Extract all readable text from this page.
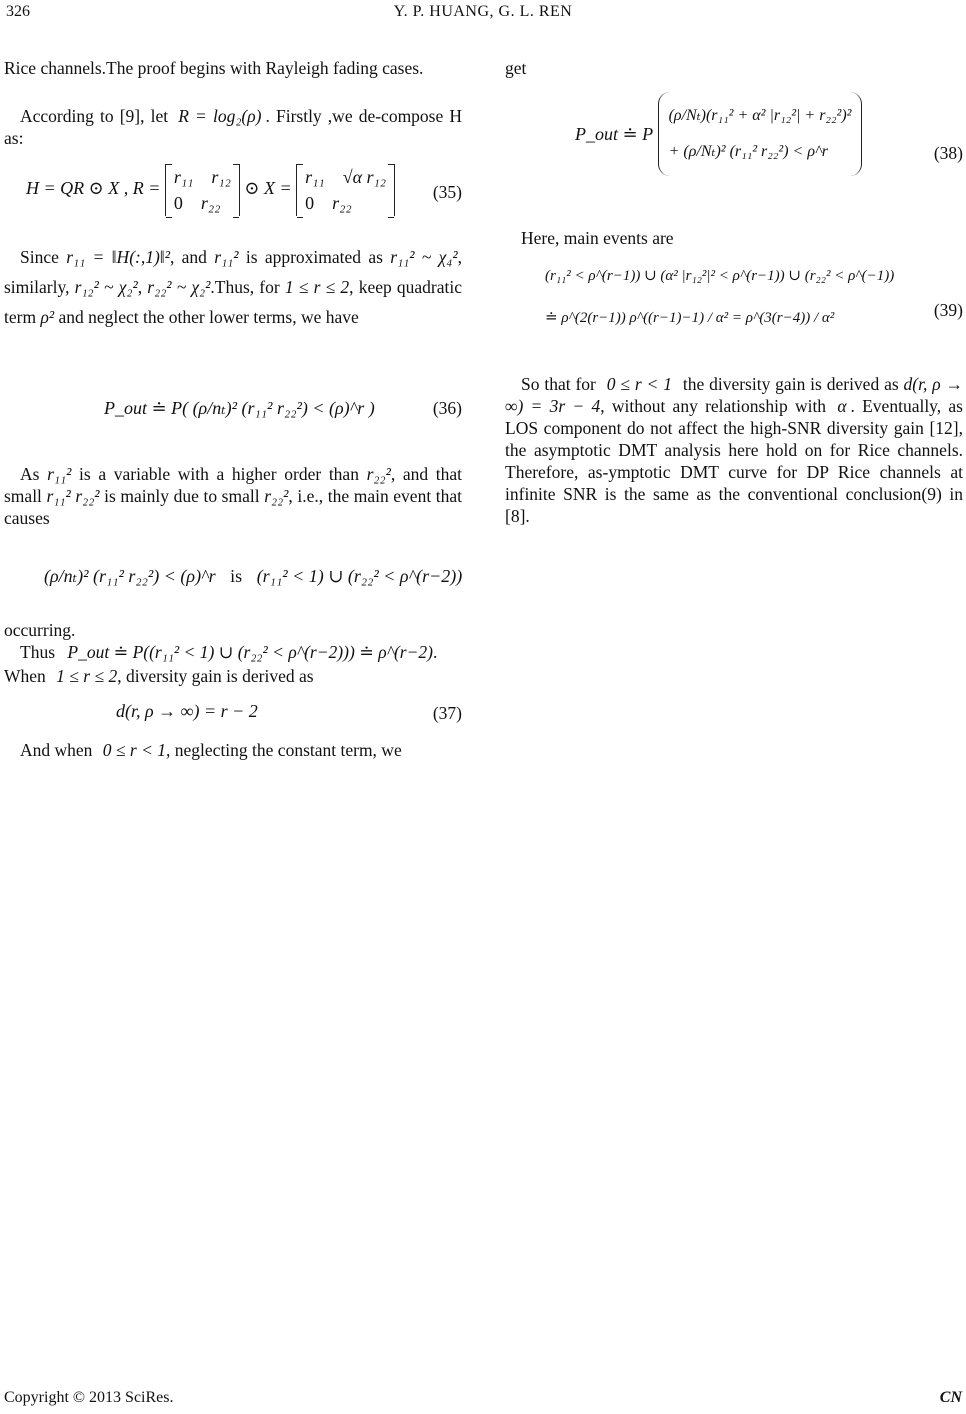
326	Y. P. HUANG, G. L. REN

Rice channels.The proof begins with Rayleigh fading cases.

According to [9], let R = log₂(ρ) . Firstly ,we de-compose H as:

H = QR ⊙ X , R =
r₁₁ r₁₂
0 r₂₂
⊙ X =
r₁₁ √α r₁₂
0 r₂₂
(35)

Since r₁₁ = ‖H(:,1)‖², and r₁₁² is approximated as r₁₁² ~ χ₄², similarly, r₁₂² ~ χ₂², r₂₂² ~ χ₂².Thus, for 1 ≤ r ≤ 2, keep quadratic term ρ² and neglect the other lower terms, we have

P_out ≐ P( (ρ/nₜ)² (r₁₁² r₂₂²) < (ρ)^r )	(36)

As r₁₁² is a variable with a higher order than r₂₂², and that small r₁₁² r₂₂² is mainly due to small r₂₂², i.e., the main event that causes

(ρ/nₜ)² (r₁₁² r₂₂²) < (ρ)^r is (r₁₁² < 1) ∪ (r₂₂² < ρ^(r−2))

occurring.

Thus P_out ≐ P((r₁₁² < 1) ∪ (r₂₂² < ρ^(r−2))) ≐ ρ^(r−2).

When 1 ≤ r ≤ 2, diversity gain is derived as

d(r, ρ → ∞) = r − 2	(37)

And when 0 ≤ r < 1, neglecting the constant term, we

get

P_out ≐ P
(ρ/Nₜ)(r₁₁² + α² |r₁₂²| + r₂₂²)²
+ (ρ/Nₜ)² (r₁₁² r₂₂²) < ρ^r	(38)

Here, main events are

(r₁₁² < ρ^(r−1)) ∪ (α² |r₁₂²|² < ρ^(r−1)) ∪ (r₂₂² < ρ^(−1))
≐ ρ^(2(r−1)) ρ^((r−1)−1) / α² = ρ^(3(r−4)) / α²	(39)

So that for 0 ≤ r < 1 the diversity gain is derived as d(r, ρ → ∞) = 3r − 4, without any relationship with α . Eventually, as LOS component do not affect the high-SNR diversity gain [12], the asymptotic DMT analysis here hold on for Rice channels. Therefore, as-ymptotic DMT curve for DP Rice channels at infinite SNR is the same as the conventional conclusion(9) in [8].

Copyright © 2013 SciRes.	CN
